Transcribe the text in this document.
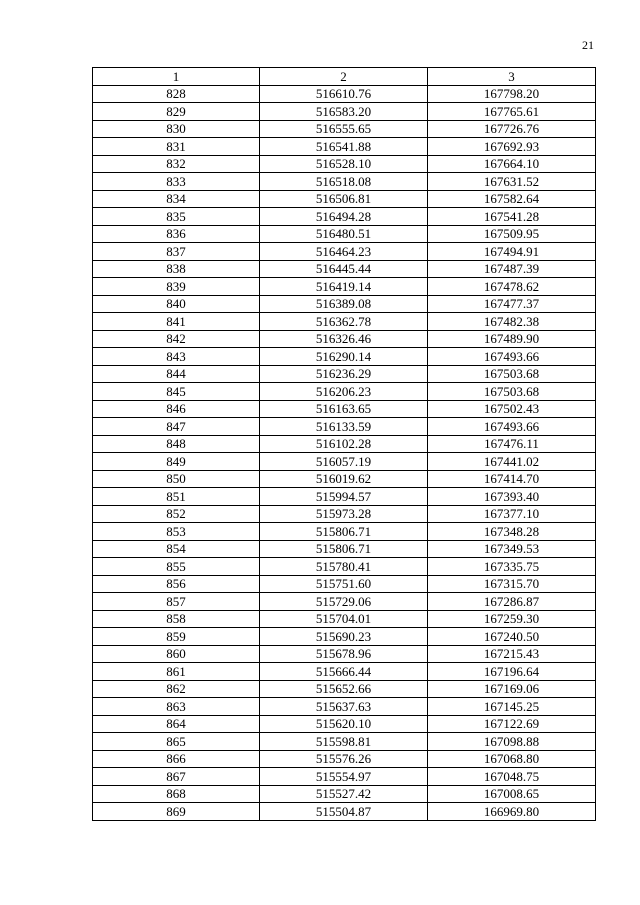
21
1	2	3
828	516610.76	167798.20
829	516583.20	167765.61
830	516555.65	167726.76
831	516541.88	167692.93
832	516528.10	167664.10
833	516518.08	167631.52
834	516506.81	167582.64
835	516494.28	167541.28
836	516480.51	167509.95
837	516464.23	167494.91
838	516445.44	167487.39
839	516419.14	167478.62
840	516389.08	167477.37
841	516362.78	167482.38
842	516326.46	167489.90
843	516290.14	167493.66
844	516236.29	167503.68
845	516206.23	167503.68
846	516163.65	167502.43
847	516133.59	167493.66
848	516102.28	167476.11
849	516057.19	167441.02
850	516019.62	167414.70
851	515994.57	167393.40
852	515973.28	167377.10
853	515806.71	167348.28
854	515806.71	167349.53
855	515780.41	167335.75
856	515751.60	167315.70
857	515729.06	167286.87
858	515704.01	167259.30
859	515690.23	167240.50
860	515678.96	167215.43
861	515666.44	167196.64
862	515652.66	167169.06
863	515637.63	167145.25
864	515620.10	167122.69
865	515598.81	167098.88
866	515576.26	167068.80
867	515554.97	167048.75
868	515527.42	167008.65
869	515504.87	166969.80
